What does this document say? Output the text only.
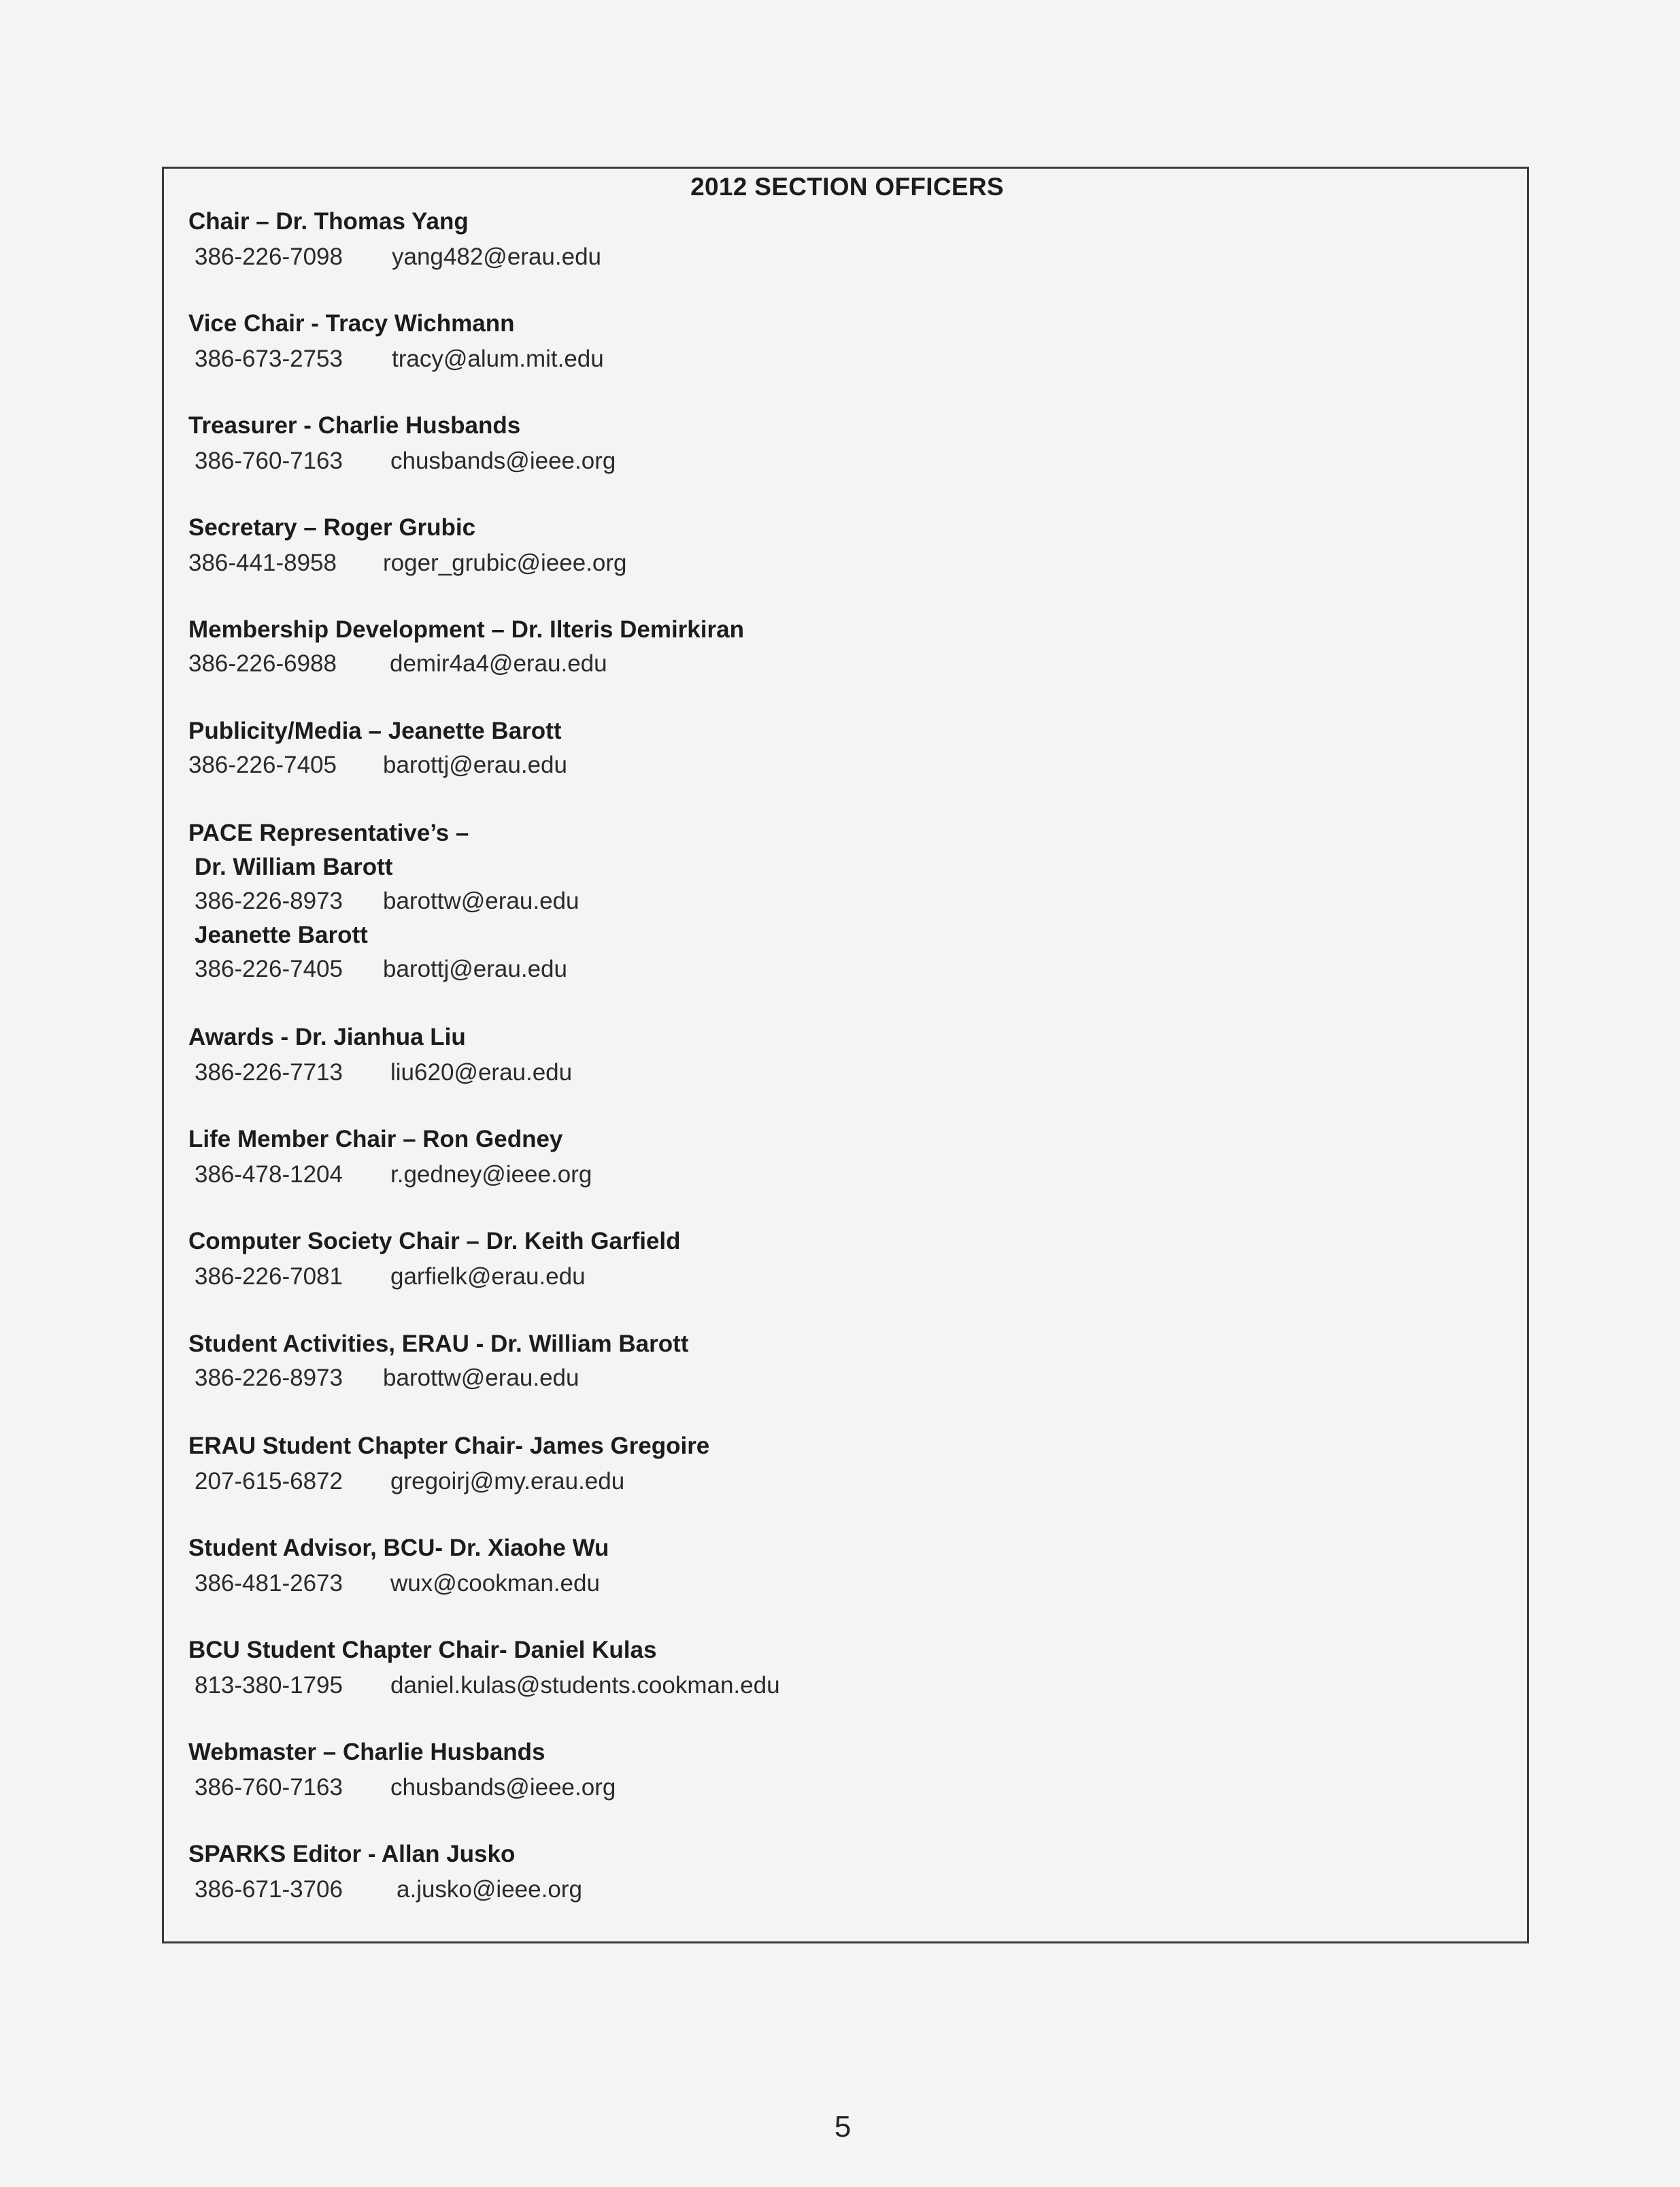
2012 SECTION OFFICERS
Chair – Dr. Thomas Yang
386-226-7098 yang482@erau.edu
Vice Chair - Tracy Wichmann
386-673-2753 tracy@alum.mit.edu
Treasurer - Charlie Husbands
386-760-7163 chusbands@ieee.org
Secretary – Roger Grubic
386-441-8958 roger_grubic@ieee.org
Membership Development – Dr. Ilteris Demirkiran
386-226-6988 demir4a4@erau.edu
Publicity/Media – Jeanette Barott
386-226-7405 barottj@erau.edu
PACE Representative’s –
Dr. William Barott
386-226-8973 barottw@erau.edu
Jeanette Barott
386-226-7405 barottj@erau.edu
Awards - Dr. Jianhua Liu
386-226-7713 liu620@erau.edu
Life Member Chair – Ron Gedney
386-478-1204 r.gedney@ieee.org
Computer Society Chair – Dr. Keith Garfield
386-226-7081 garfielk@erau.edu
Student Activities, ERAU - Dr. William Barott
386-226-8973 barottw@erau.edu
ERAU Student Chapter Chair- James Gregoire
207-615-6872 gregoirj@my.erau.edu
Student Advisor, BCU- Dr. Xiaohe Wu
386-481-2673 wux@cookman.edu
BCU Student Chapter Chair- Daniel Kulas
813-380-1795 daniel.kulas@students.cookman.edu
Webmaster – Charlie Husbands
386-760-7163 chusbands@ieee.org
SPARKS Editor - Allan Jusko
386-671-3706 a.jusko@ieee.org
5
